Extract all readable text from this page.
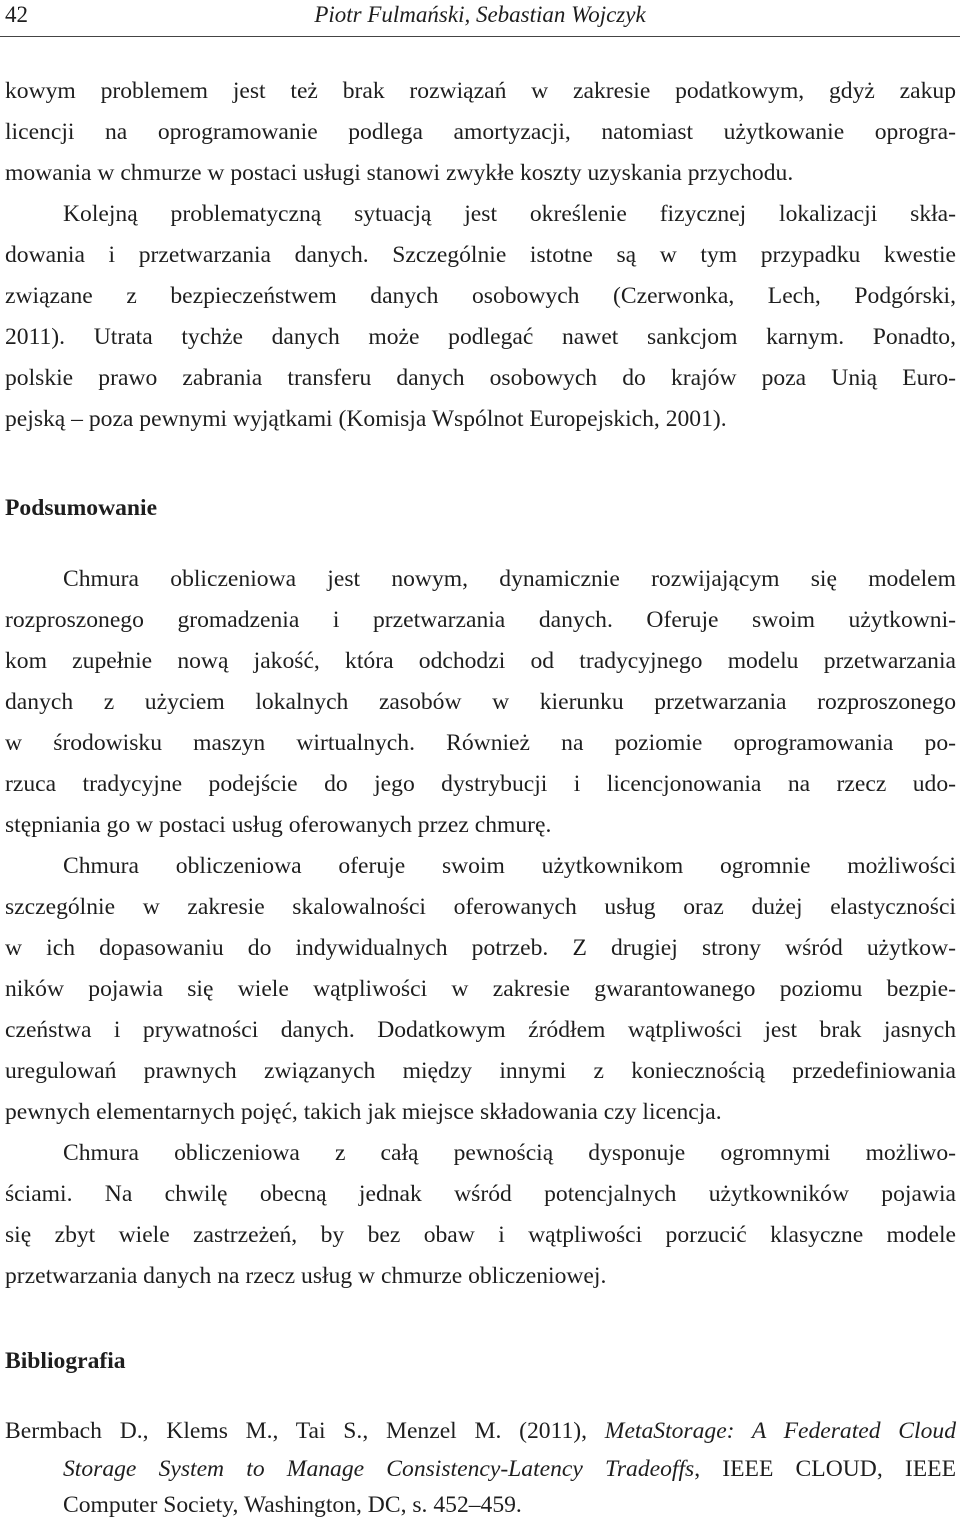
Piotr Fulmański, Sebastian Wojczyk
42
kowym problemem jest też brak rozwiązań w zakresie podatkowym, gdyż zakup
licencji na oprogramowanie podlega amortyzacji, natomiast użytkowanie oprogra-
mowania w chmurze w postaci usługi stanowi zwykłe koszty uzyskania przychodu.
Kolejną problematyczną sytuacją jest określenie fizycznej lokalizacji skła-
dowania i przetwarzania danych. Szczególnie istotne są w tym przypadku kwestie
związane z bezpieczeństwem danych osobowych (Czerwonka, Lech, Podgórski,
2011). Utrata tychże danych może podlegać nawet sankcjom karnym. Ponadto,
polskie prawo zabrania transferu danych osobowych do krajów poza Unią Euro-
pejską – poza pewnymi wyjątkami (Komisja Wspólnot Europejskich, 2001).
Podsumowanie
Chmura obliczeniowa jest nowym, dynamicznie rozwijającym się modelem
rozproszonego gromadzenia i przetwarzania danych. Oferuje swoim użytkowni-
kom zupełnie nową jakość, która odchodzi od tradycyjnego modelu przetwarzania
danych z użyciem lokalnych zasobów w kierunku przetwarzania rozproszonego
w środowisku maszyn wirtualnych. Również na poziomie oprogramowania po-
rzuca tradycyjne podejście do jego dystrybucji i licencjonowania na rzecz udo-
stępniania go w postaci usług oferowanych przez chmurę.
Chmura obliczeniowa oferuje swoim użytkownikom ogromnie możliwości
szczególnie w zakresie skalowalności oferowanych usług oraz dużej elastyczności
w ich dopasowaniu do indywidualnych potrzeb. Z drugiej strony wśród użytkow-
ników pojawia się wiele wątpliwości w zakresie gwarantowanego poziomu bezpie-
czeństwa i prywatności danych. Dodatkowym źródłem wątpliwości jest brak jasnych
uregulowań prawnych związanych między innymi z koniecznością przedefiniowania
pewnych elementarnych pojęć, takich jak miejsce składowania czy licencja.
Chmura obliczeniowa z całą pewnością dysponuje ogromnymi możliwo-
ściami. Na chwilę obecną jednak wśród potencjalnych użytkowników pojawia
się zbyt wiele zastrzeżeń, by bez obaw i wątpliwości porzucić klasyczne modele
przetwarzania danych na rzecz usług w chmurze obliczeniowej.
Bibliografia
Bermbach D., Klems M., Tai S., Menzel M. (2011), MetaStorage: A Federated Cloud
Storage System to Manage Consistency-Latency Tradeoffs, IEEE CLOUD, IEEE
Computer Society, Washington, DC, s. 452–459.
